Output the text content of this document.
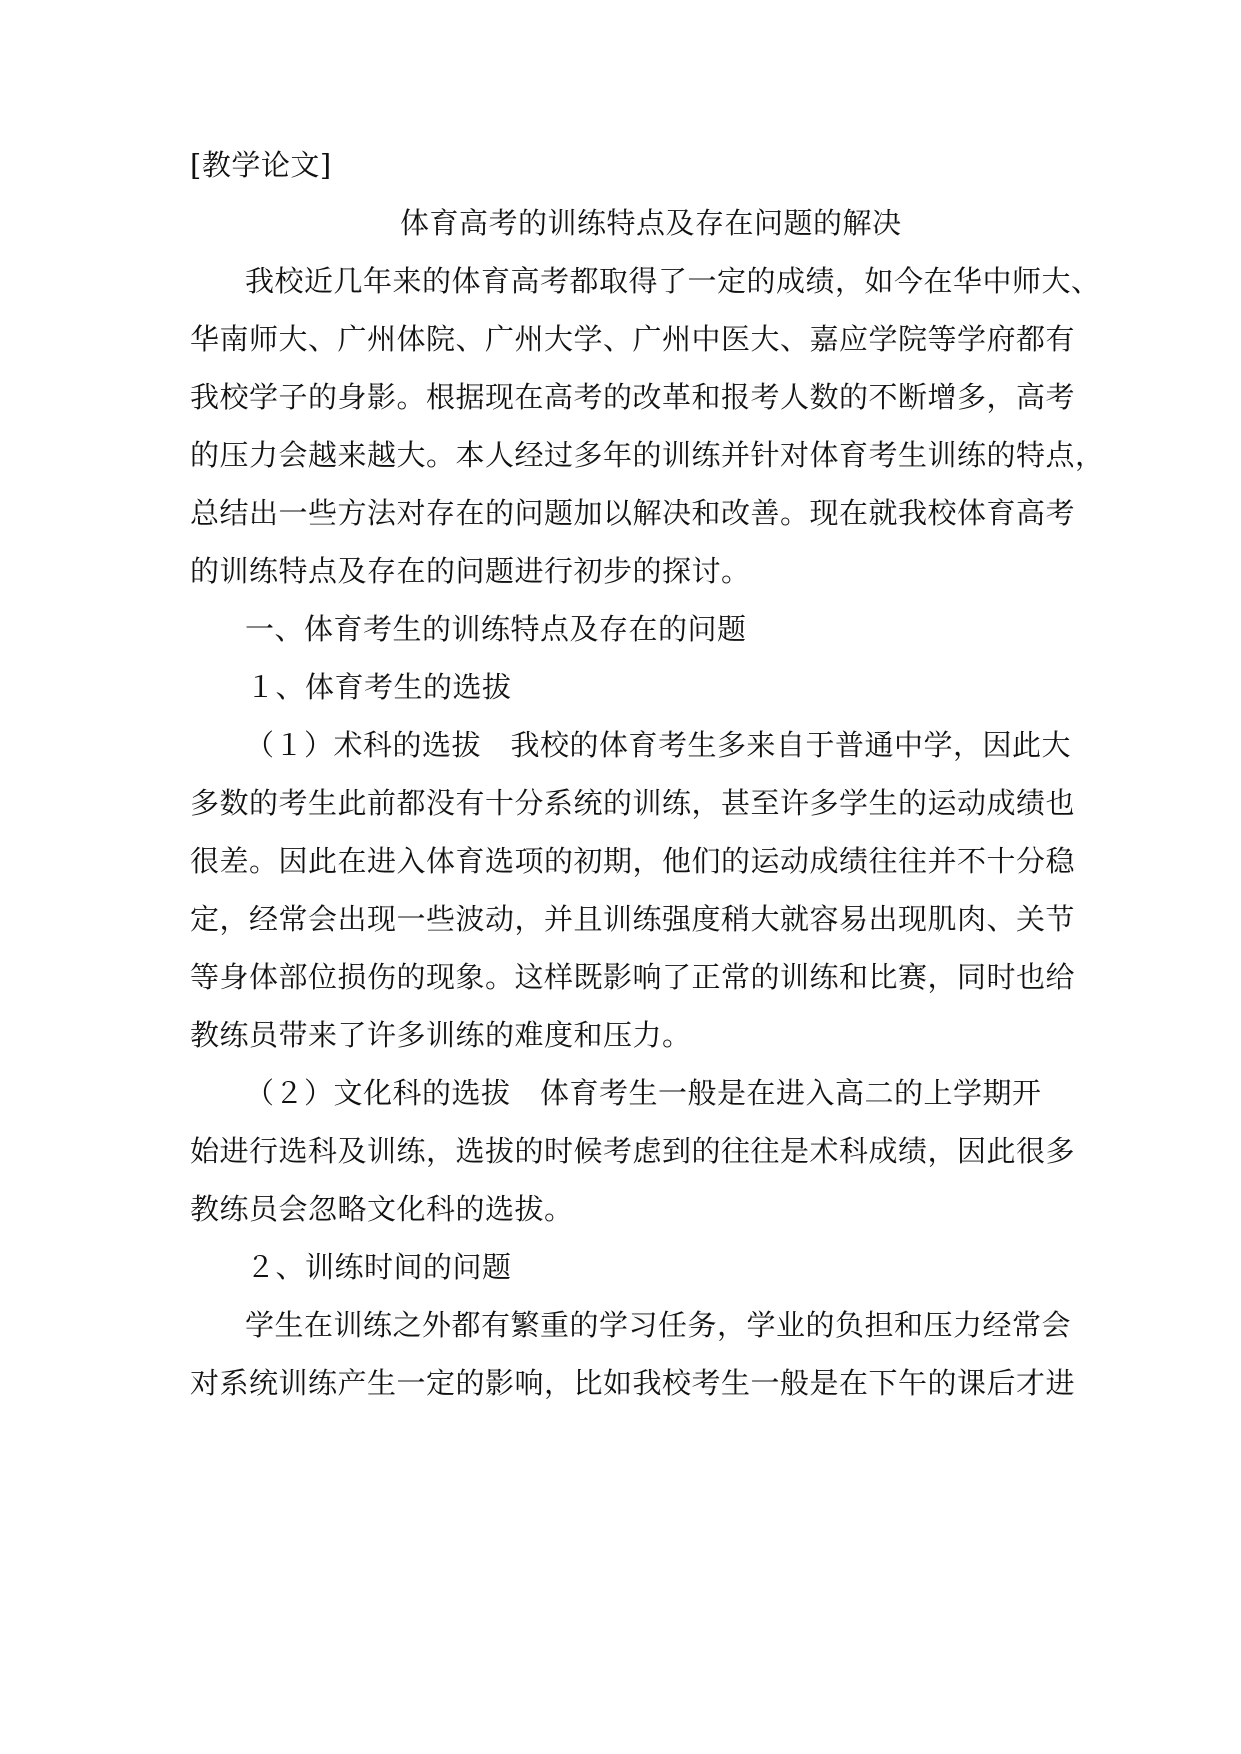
[教学论文]
体育高考的训练特点及存在问题的解决
我校近几年来的体育高考都取得了一定的成绩，如今在华中师大、
华南师大、广州体院、广州大学、广州中医大、嘉应学院等学府都有
我校学子的身影。根据现在高考的改革和报考人数的不断增多，高考
的压力会越来越大。本人经过多年的训练并针对体育考生训练的特点，
总结出一些方法对存在的问题加以解决和改善。现在就我校体育高考
的训练特点及存在的问题进行初步的探讨。
一、体育考生的训练特点及存在的问题
１、体育考生的选拔
（１）术科的选拔　我校的体育考生多来自于普通中学，因此大
多数的考生此前都没有十分系统的训练，甚至许多学生的运动成绩也
很差。因此在进入体育选项的初期，他们的运动成绩往往并不十分稳
定，经常会出现一些波动，并且训练强度稍大就容易出现肌肉、关节
等身体部位损伤的现象。这样既影响了正常的训练和比赛，同时也给
教练员带来了许多训练的难度和压力。
（２）文化科的选拔　体育考生一般是在进入高二的上学期开
始进行选科及训练，选拔的时候考虑到的往往是术科成绩，因此很多
教练员会忽略文化科的选拔。
２、训练时间的问题
学生在训练之外都有繁重的学习任务，学业的负担和压力经常会
对系统训练产生一定的影响，比如我校考生一般是在下午的课后才进
